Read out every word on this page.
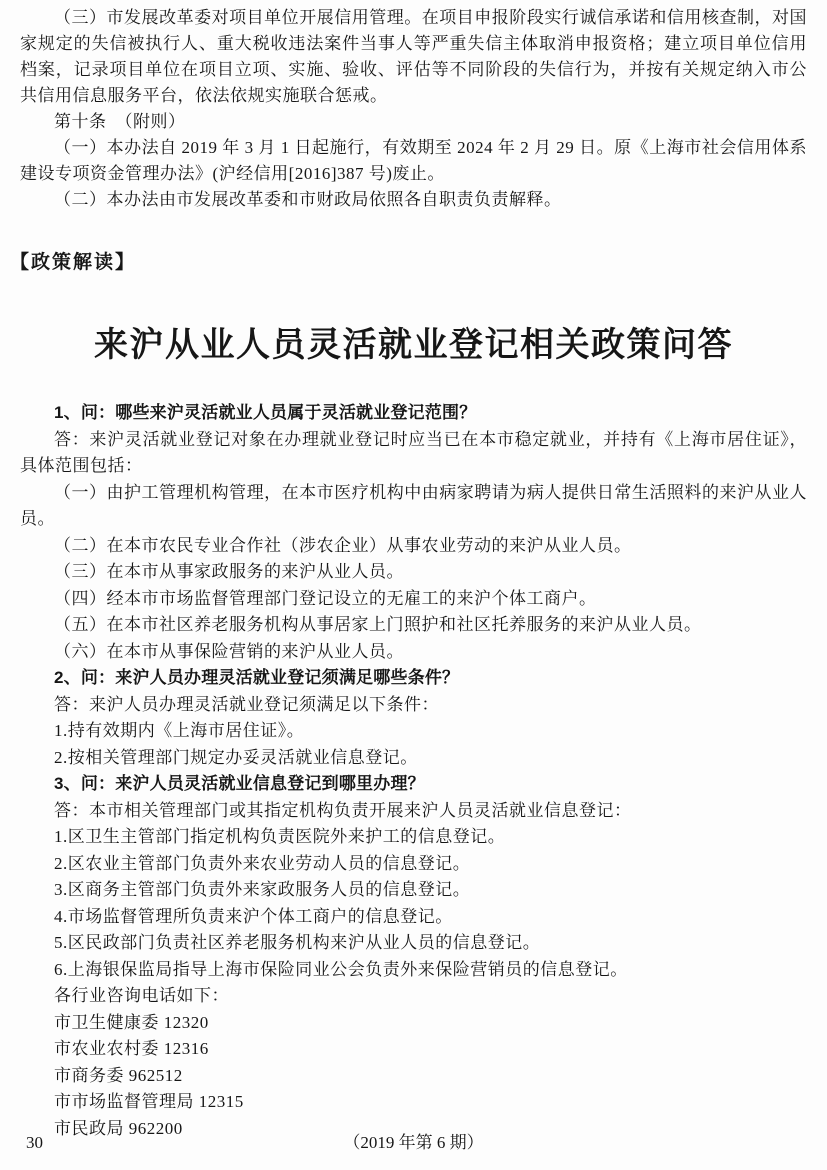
（三）市发展改革委对项目单位开展信用管理。在项目申报阶段实行诚信承诺和信用核查制，对国家规定的失信被执行人、重大税收违法案件当事人等严重失信主体取消申报资格；建立项目单位信用档案，记录项目单位在项目立项、实施、验收、评估等不同阶段的失信行为，并按有关规定纳入市公共信用信息服务平台，依法依规实施联合惩戒。

第十条　（附则）

（一）本办法自 2019 年 3 月 1 日起施行，有效期至 2024 年 2 月 29 日。原《上海市社会信用体系建设专项资金管理办法》(沪经信用[2016]387 号)废止。

（二）本办法由市发展改革委和市财政局依照各自职责负责解释。

【政策解读】
来沪从业人员灵活就业登记相关政策问答

1、问：哪些来沪灵活就业人员属于灵活就业登记范围？

答：来沪灵活就业登记对象在办理就业登记时应当已在本市稳定就业，并持有《上海市居住证》，具体范围包括：

（一）由护工管理机构管理，在本市医疗机构中由病家聘请为病人提供日常生活照料的来沪从业人员。

（二）在本市农民专业合作社（涉农企业）从事农业劳动的来沪从业人员。

（三）在本市从事家政服务的来沪从业人员。

（四）经本市市场监督管理部门登记设立的无雇工的来沪个体工商户。

（五）在本市社区养老服务机构从事居家上门照护和社区托养服务的来沪从业人员。

（六）在本市从事保险营销的来沪从业人员。

2、问：来沪人员办理灵活就业登记须满足哪些条件？

答：来沪人员办理灵活就业登记须满足以下条件：

1.持有效期内《上海市居住证》。

2.按相关管理部门规定办妥灵活就业信息登记。

3、问：来沪人员灵活就业信息登记到哪里办理？

答：本市相关管理部门或其指定机构负责开展来沪人员灵活就业信息登记：

1.区卫生主管部门指定机构负责医院外来护工的信息登记。

2.区农业主管部门负责外来农业劳动人员的信息登记。

3.区商务主管部门负责外来家政服务人员的信息登记。

4.市场监督管理所负责来沪个体工商户的信息登记。

5.区民政部门负责社区养老服务机构来沪从业人员的信息登记。

6.上海银保监局指导上海市保险同业公会负责外来保险营销员的信息登记。

各行业咨询电话如下：

市卫生健康委 12320

市农业农村委 12316

市商务委 962512

市市场监督管理局 12315

市民政局 962200

30	（2019 年第 6 期）
